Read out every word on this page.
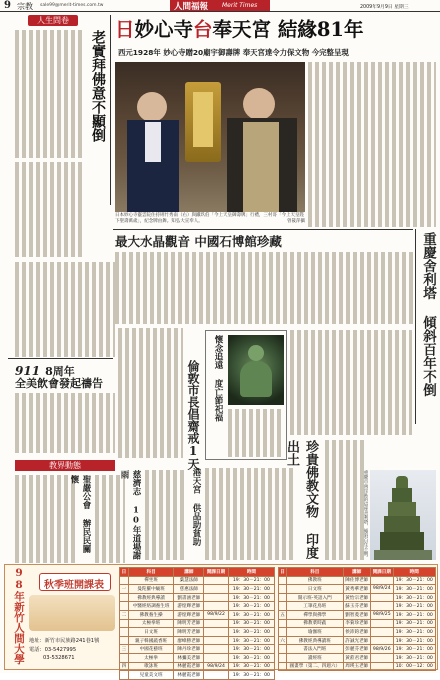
9 宗教 sale99@merit-times.com.tw	人間福報 Merit Times	2009年9月9日 星期三
人生問卷
老實拜佛意不顯倒
日妙心寺台奉天宮 結緣81年
西元1928年 妙心寺贈20廟宇御壽牌 奉天宮達令力保文物 今完整呈現
日本妙心寺靈雲院住持則竹秀南（右）與鐵玖伯「今上天皇御壽牌」行禮，三村哥「今上天皇陛下聖壽萬歲」，紀念牌由舞。知弘大宣奉人。	曾筱萍攝
最大水晶觀音 中國石博館珍藏	重慶舍利塔 傾斜百年不倒
911 8周年
全美飲會發起禱告	倫敦市長倡齋戒1天	懷念追遠 度亡節祀福
珍貴佛教文物 印度出土
重慶市南岸區的這座舍利塔，傾斜百年不倒。
教界動態
聖嚴公會 辦民民關懷	慈濟志 10年道場謝雨	港天宮 供品助貧助
98年新竹人間大學 秋季班開課表
地址：新竹市民族路241巷1號
電話：03-5427995
03-5328671
日	科目	講師	開課日期	時間
	禪坐班	葉慧法師		19：30－21：00
一	曼陀羅中級班	慈惠法師		19：30－21：00
	佛教經典導讀	劉書涵老師		19：30－21：00
	中醫經絡調養生班	游煌輝老師		19：30－21：00
二	佛教養生操	游煌輝老師	98/9/22	19：30－21：00
	太極拳班	陳明芳老師		19：30－21：00
	日文班	陳明芳老師		19：30－21：00
	親子韓國蔬香班	廖峰勝老師		19：30－21：00
三	中國花藝班	陳丹珍老師		19：30－21：00
	太極拳	林彌美老師		19：30－21：00
四	歌詠班	林麗霞老師	98/9/24	19：30－21：00
	兒童美文班	林麗霞老師		19：30－21：00
日	科目	講師	開課日期	時間
	佛教班	陳佐博老師		19：30－21：00
	日文班	黃秀華老師	98/9/24	19：30－21：00
	開示班-英語入門	黃怡宗老師		19：30－21：00
	工筆花鳥班	蘇玉芬老師		19：30－21：00
五	禪學與佛學	劉智菱老師	98/9/25	19：30－21：00
	佛教菜時蔬	李菊珍老師		19：30－21：00
	瑜伽班	侯沛鈞老師		19：30－21：00
六	佛教經典導讀班	許誠光老師		19：30－21：00
	書法入門班	彭麗芬老師	98/9/26	19：30－21：00
	讀經班	黃蒞君老師		19：30－21：00
	國畫學（第二、四週六）	周瑛玉老師		10：00－12：00
